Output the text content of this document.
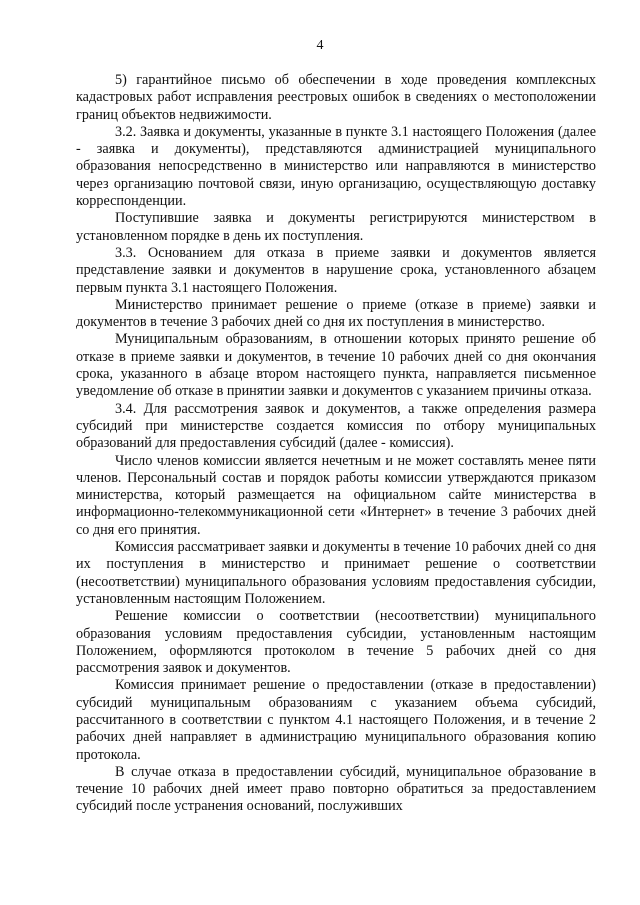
4

5) гарантийное письмо об обеспечении в ходе проведения комплексных кадастровых работ исправления реестровых ошибок в сведениях о местоположении границ объектов недвижимости.

3.2. Заявка и документы, указанные в пункте 3.1 настоящего Положения (далее - заявка и документы), представляются администрацией муниципального образования непосредственно в министерство или направляются в министерство через организацию почтовой связи, иную организацию, осуществляющую доставку корреспонденции.

Поступившие заявка и документы регистрируются министерством в установленном порядке в день их поступления.

3.3. Основанием для отказа в приеме заявки и документов является представление заявки и документов в нарушение срока, установленного абзацем первым пункта 3.1 настоящего Положения.

Министерство принимает решение о приеме (отказе в приеме) заявки и документов в течение 3 рабочих дней со дня их поступления в министерство.

Муниципальным образованиям, в отношении которых принято решение об отказе в приеме заявки и документов, в течение 10 рабочих дней со дня окончания срока, указанного в абзаце втором настоящего пункта, направляется письменное уведомление об отказе в принятии заявки и документов с указанием причины отказа.

3.4. Для рассмотрения заявок и документов, а также определения размера субсидий при министерстве создается комиссия по отбору муниципальных образований для предоставления субсидий (далее - комиссия).

Число членов комиссии является нечетным и не может составлять менее пяти членов. Персональный состав и порядок работы комиссии утверждаются приказом министерства, который размещается на официальном сайте министерства в информационно-телекоммуникационной сети «Интернет» в течение 3 рабочих дней со дня его принятия.

Комиссия рассматривает заявки и документы в течение 10 рабочих дней со дня их поступления в министерство и принимает решение о соответствии (несоответствии) муниципального образования условиям предоставления субсидии, установленным настоящим Положением.

Решение комиссии о соответствии (несоответствии) муниципального образования условиям предоставления субсидии, установленным настоящим Положением, оформляются протоколом в течение 5 рабочих дней со дня рассмотрения заявок и документов.

Комиссия принимает решение о предоставлении (отказе в предоставлении) субсидий муниципальным образованиям с указанием объема субсидий, рассчитанного в соответствии с пунктом 4.1 настоящего Положения, и в течение 2 рабочих дней направляет в администрацию муниципального образования копию протокола.

В случае отказа в предоставлении субсидий, муниципальное образование в течение 10 рабочих дней имеет право повторно обратиться за предоставлением субсидий после устранения оснований, послуживших
